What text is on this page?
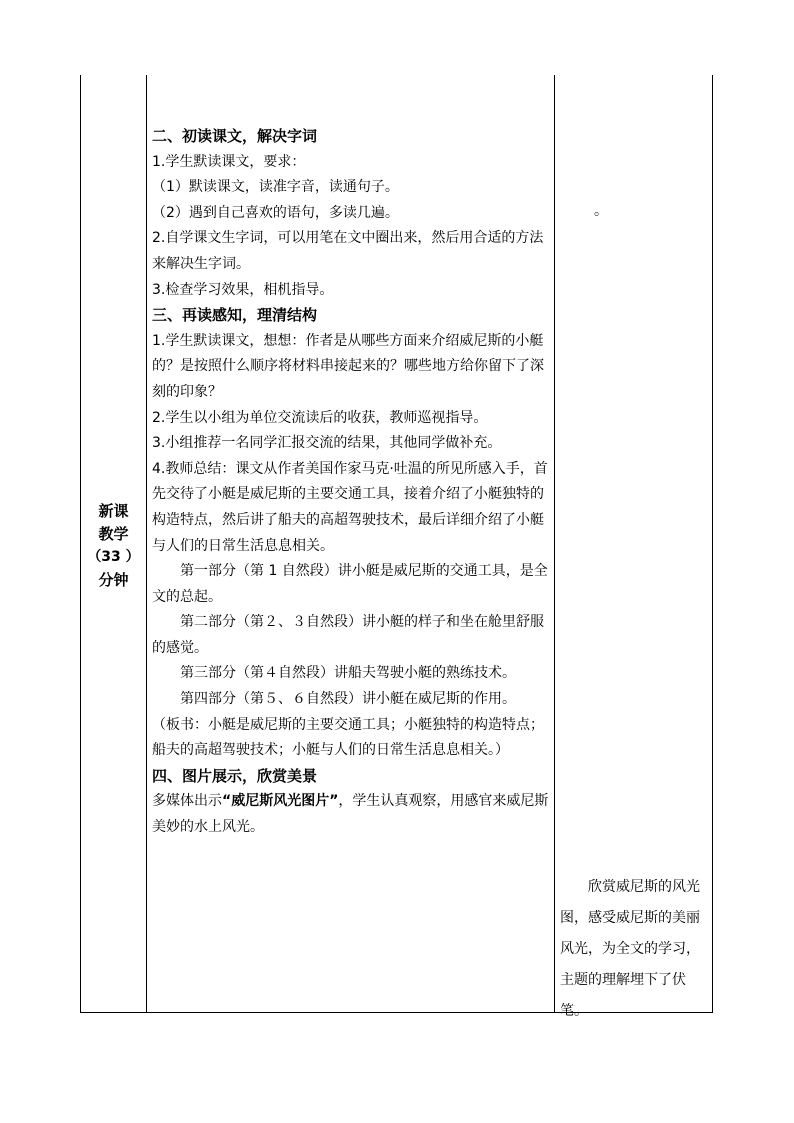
新课
教学
（33 ）
分钟

二、初读课文，解决字词

1.学生默读课文，要求：

（1）默读课文，读准字音，读通句子。

（2）遇到自己喜欢的语句，多读几遍。

2.自学课文生字词，可以用笔在文中圈出来，然后用合适的方法来解决生字词。

3.检查学习效果，相机指导。

三、再读感知，理清结构

1.学生默读课文，想想：作者是从哪些方面来介绍威尼斯的小艇的？是按照什么顺序将材料串接起来的？哪些地方给你留下了深刻的印象？

2.学生以小组为单位交流读后的收获，教师巡视指导。

3.小组推荐一名同学汇报交流的结果，其他同学做补充。

4.教师总结：课文从作者美国作家马克·吐温的所见所感入手，首先交待了小艇是威尼斯的主要交通工具，接着介绍了小艇独特的构造特点，然后讲了船夫的高超驾驶技术，最后详细介绍了小艇与人们的日常生活息息相关。

第一部分（第 1 自然段）讲小艇是威尼斯的交通工具，是全文的总起。

第二部分（第２、３自然段）讲小艇的样子和坐在舱里舒服的感觉。

第三部分（第４自然段）讲船夫驾驶小艇的熟练技术。

第四部分（第５、６自然段）讲小艇在威尼斯的作用。

（板书：小艇是威尼斯的主要交通工具；小艇独特的构造特点；船夫的高超驾驶技术；小艇与人们的日常生活息息相关。）

四、图片展示，欣赏美景

多媒体出示“威尼斯风光图片”，学生认真观察，用感官来威尼斯美妙的水上风光。

。

欣赏威尼斯的风光图，感受威尼斯的美丽风光，为全文的学习，主题的理解埋下了伏笔。
